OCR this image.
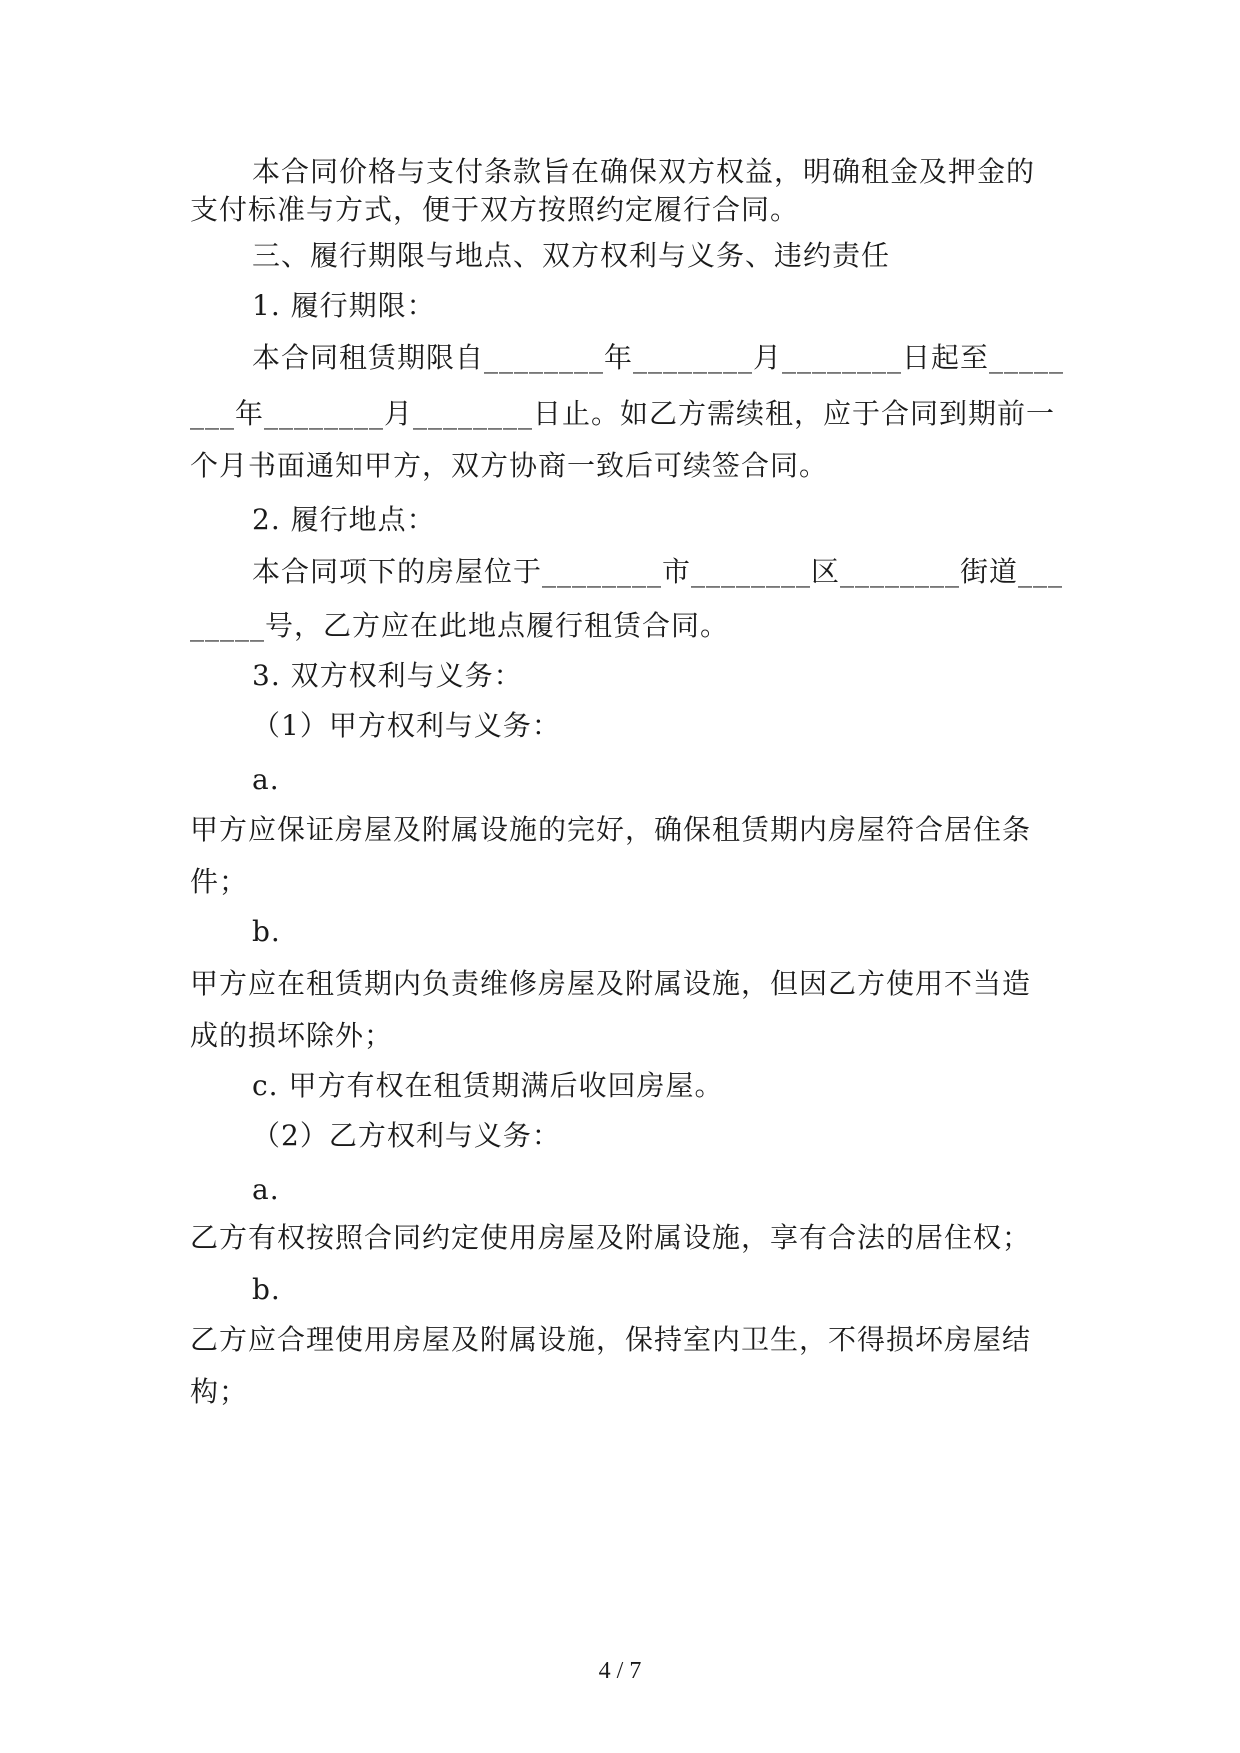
本合同价格与支付条款旨在确保双方权益，明确租金及押金的
支付标准与方式，便于双方按照约定履行合同。
三、履行期限与地点、双方权利与义务、违约责任
1. 履行期限：
本合同租赁期限自________年________月________日起至_____
___年________月________日止。如乙方需续租，应于合同到期前一
个月书面通知甲方，双方协商一致后可续签合同。
2. 履行地点：
本合同项下的房屋位于________市________区________街道___
_____号，乙方应在此地点履行租赁合同。
3. 双方权利与义务：
（1）甲方权利与义务：
a.
甲方应保证房屋及附属设施的完好，确保租赁期内房屋符合居住条
件；
b.
甲方应在租赁期内负责维修房屋及附属设施，但因乙方使用不当造
成的损坏除外；
c. 甲方有权在租赁期满后收回房屋。
（2）乙方权利与义务：
a.
乙方有权按照合同约定使用房屋及附属设施，享有合法的居住权；
b.
乙方应合理使用房屋及附属设施，保持室内卫生，不得损坏房屋结
构；
4 / 7
